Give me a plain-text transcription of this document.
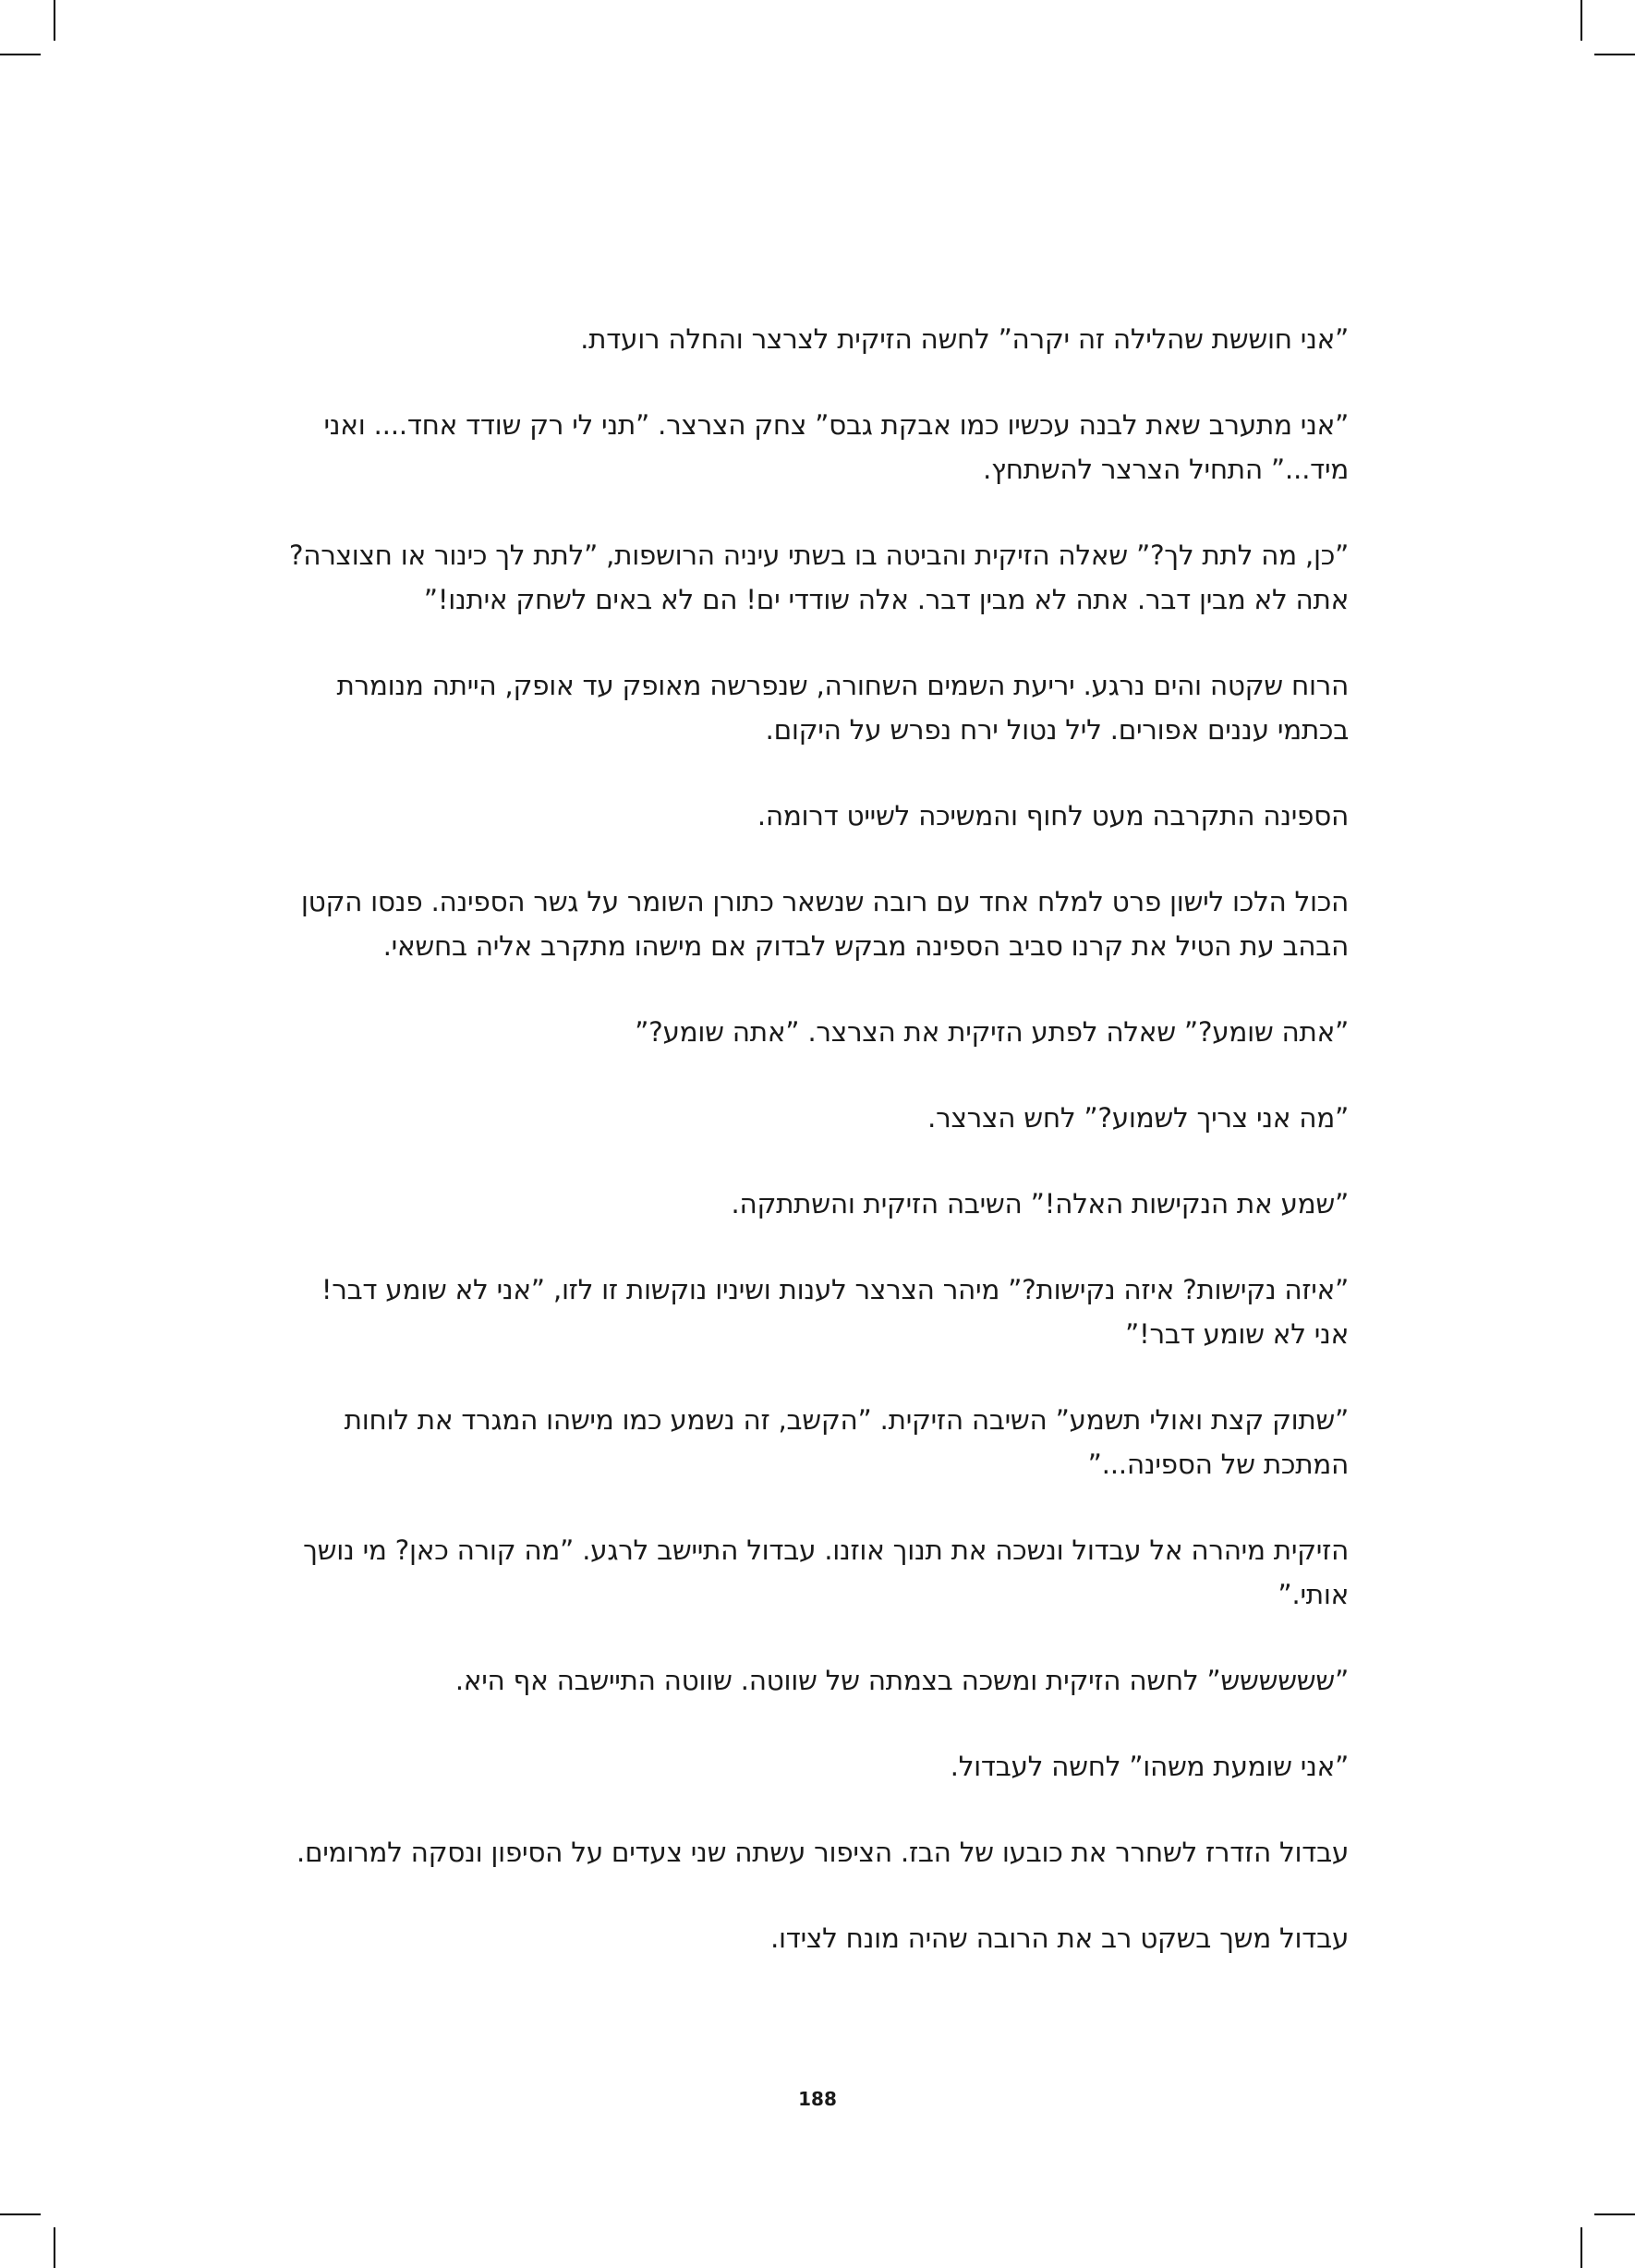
”אני חוששת שהלילה זה יקרה” לחשה הזיקית לצרצר והחלה רועדת.

”אני מתערב שאת לבנה עכשיו כמו אבקת גבס” צחק הצרצר. ”תני לי רק שודד אחד.... ואני מיד...” התחיל הצרצר להשתחץ.

”כן, מה לתת לך?” שאלה הזיקית והביטה בו בשתי עיניה הרושפות, ”לתת לך כינור או חצוצרה? אתה לא מבין דבר. אתה לא מבין דבר. אלה שודדי ים! הם לא באים לשחק איתנו!”

הרוח שקטה והים נרגע. יריעת השמים השחורה, שנפרשה מאופק עד אופק, הייתה מנומרת בכתמי עננים אפורים. ליל נטול ירח נפרש על היקום.

הספינה התקרבה מעט לחוף והמשיכה לשייט דרומה.

הכול הלכו לישון פרט למלח אחד עם רובה שנשאר כתורן השומר על גשר הספינה. פנסו הקטן הבהב עת הטיל את קרנו סביב הספינה מבקש לבדוק אם מישהו מתקרב אליה בחשאי.

”אתה שומע?” שאלה לפתע הזיקית את הצרצר. ”אתה שומע?”

”מה אני צריך לשמוע?” לחש הצרצר.

”שמע את הנקישות האלה!” השיבה הזיקית והשתתקה.

”איזה נקישות? איזה נקישות?” מיהר הצרצר לענות ושיניו נוקשות זו לזו, ”אני לא שומע דבר! אני לא שומע דבר!”

”שתוק קצת ואולי תשמע” השיבה הזיקית. ”הקשב, זה נשמע כמו מישהו המגרד את לוחות המתכת של הספינה...”

הזיקית מיהרה אל עבדול ונשכה את תנוך אוזנו. עבדול התיישב לרגע. ”מה קורה כאן? מי נושך אותי.”

”שששששש” לחשה הזיקית ומשכה בצמתה של שווטה. שווטה התיישבה אף היא.

”אני שומעת משהו” לחשה לעבדול.

עבדול הזדרז לשחרר את כובעו של הבז. הציפור עשתה שני צעדים על הסיפון ונסקה למרומים.

עבדול משך בשקט רב את הרובה שהיה מונח לצידו.

188
